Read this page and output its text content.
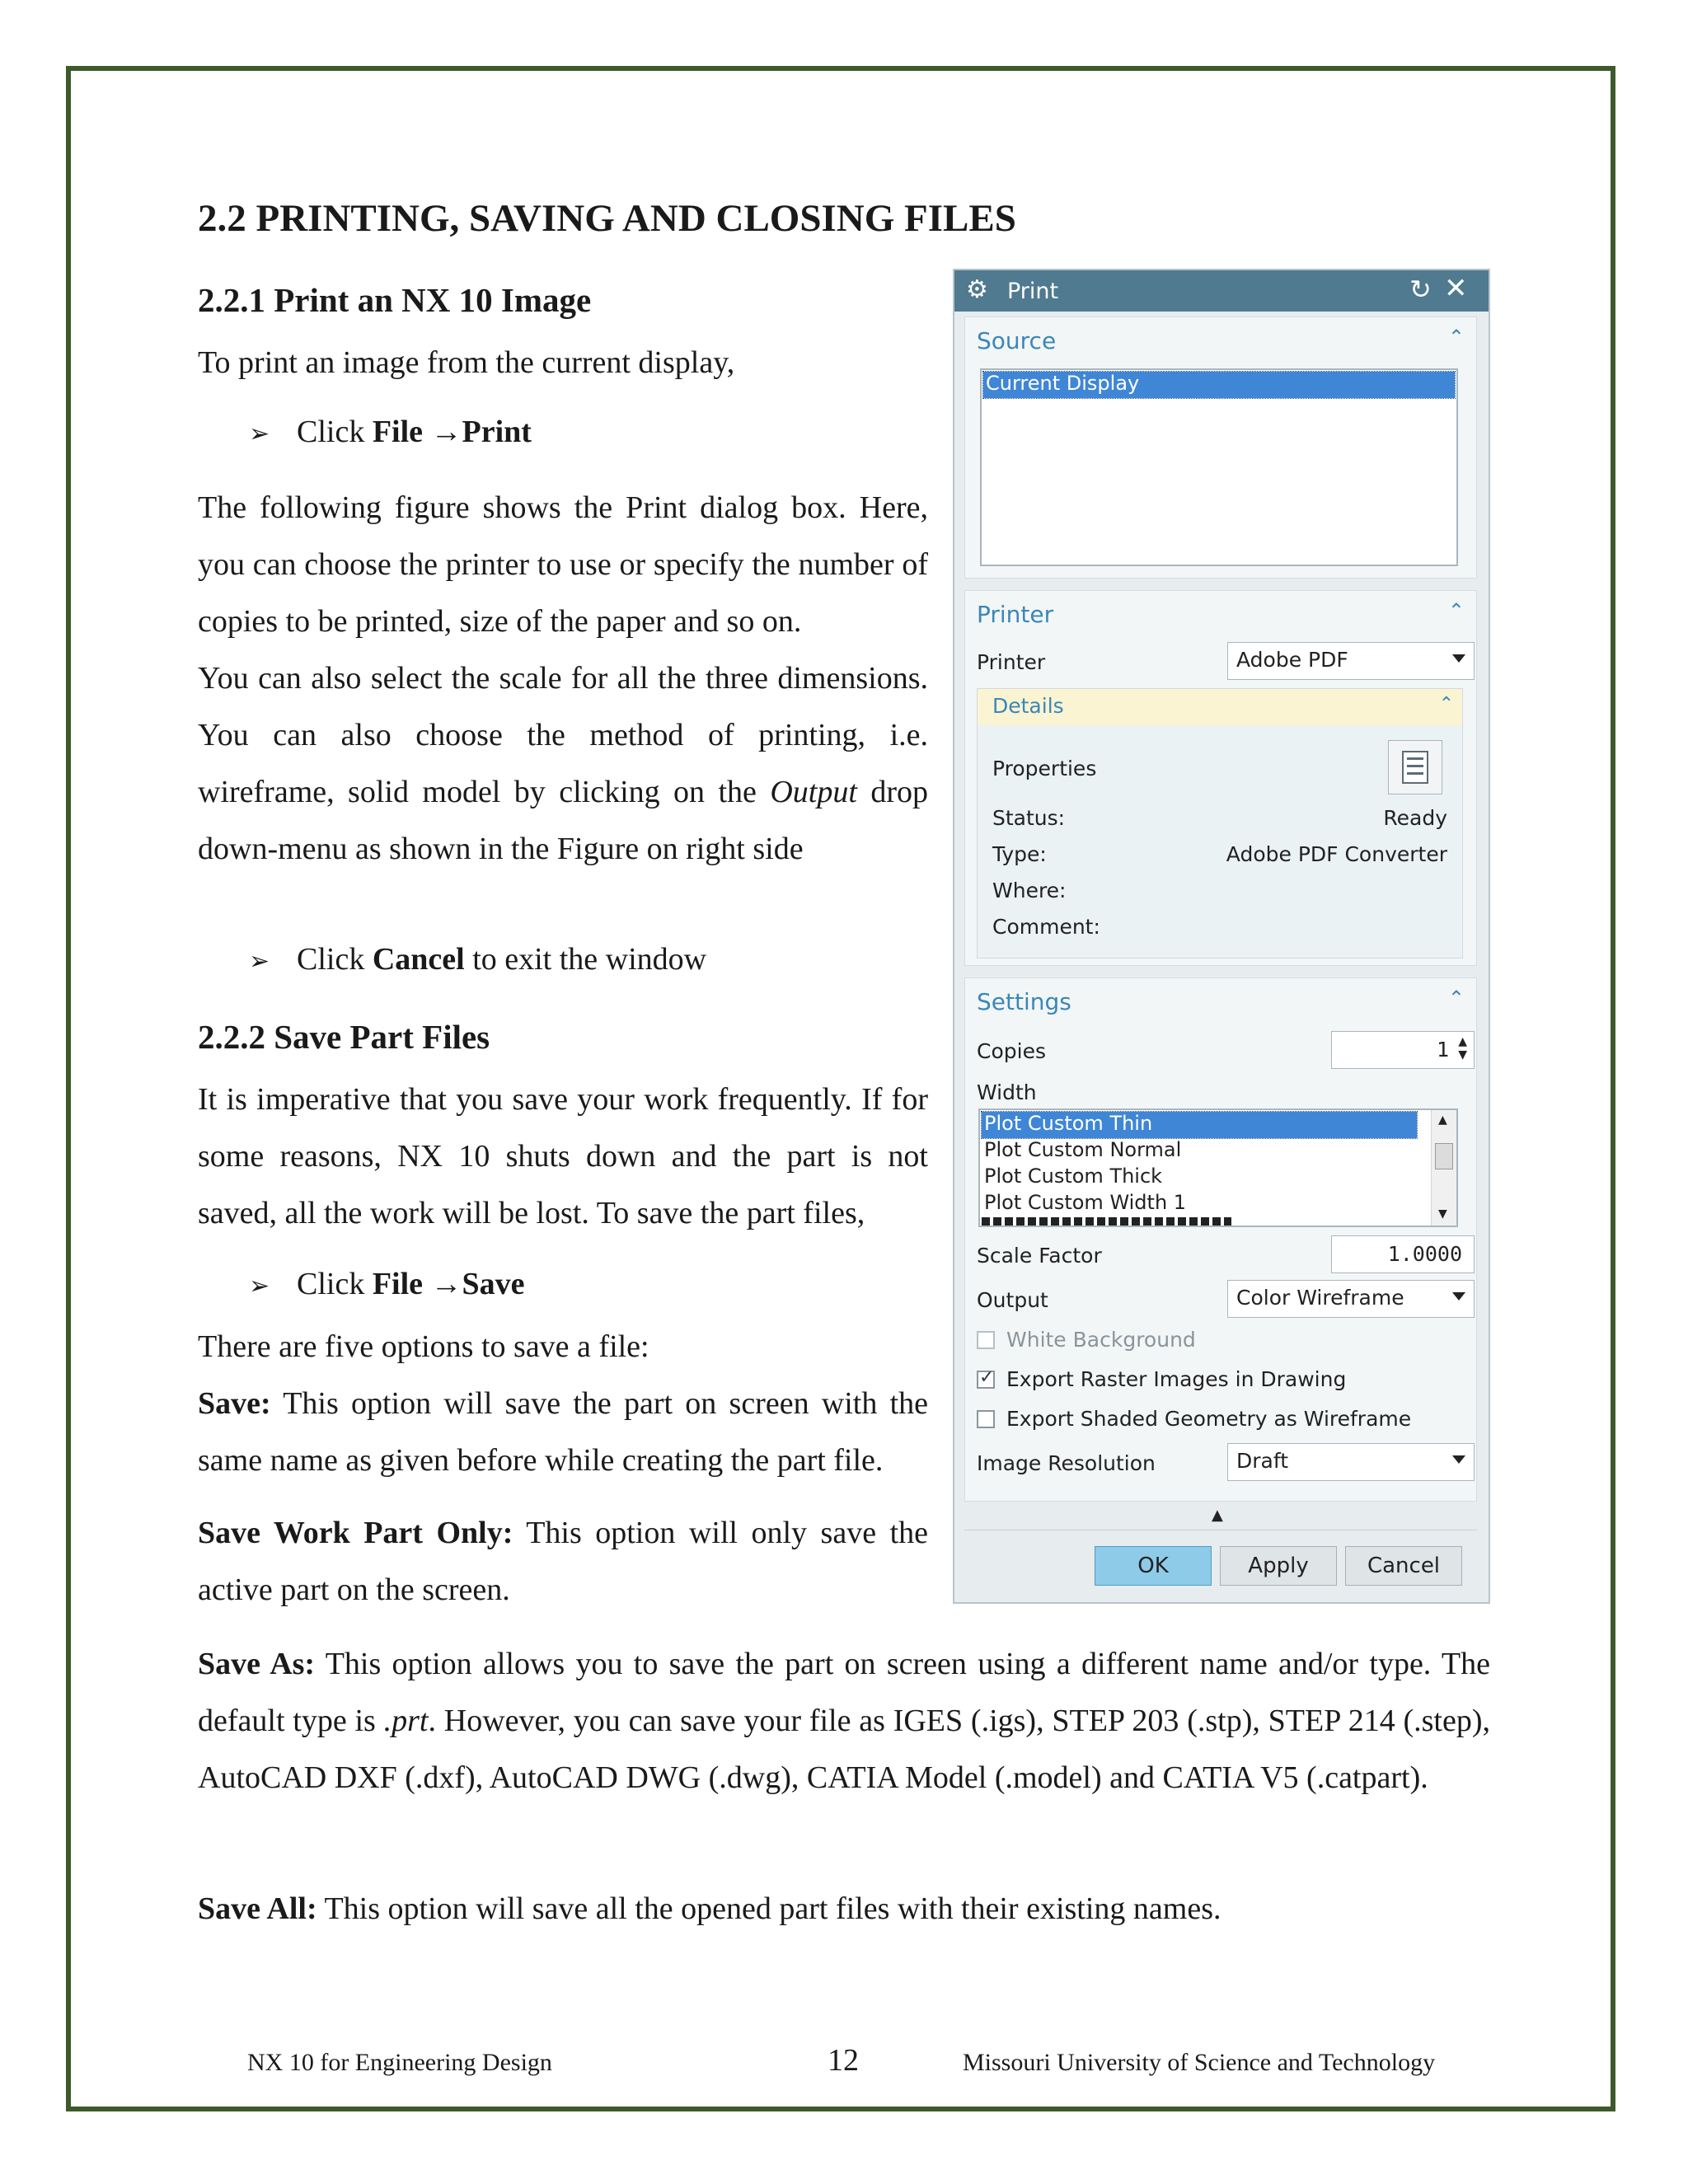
2.2 PRINTING, SAVING AND CLOSING FILES
2.2.1 Print an NX 10 Image

To print an image from the current display,

➢ Click File →Print

The following figure shows the Print dialog box. Here, you can choose the printer to use or specify the number of copies to be printed, size of the paper and so on.

You can also select the scale for all the three dimensions. You can also choose the method of printing, i.e. wireframe, solid model by clicking on the Output drop down-menu as shown in the Figure on right side

➢ Click Cancel to exit the window

2.2.2 Save Part Files

It is imperative that you save your work frequently. If for some reasons, NX 10 shuts down and the part is not saved, all the work will be lost. To save the part files,

➢ Click File →Save

There are five options to save a file:

Save: This option will save the part on screen with the same name as given before while creating the part file.

Save Work Part Only: This option will only save the active part on the screen.

Save As: This option allows you to save the part on screen using a different name and/or type. The default type is .prt. However, you can save your file as IGES (.igs), STEP 203 (.stp), STEP 214 (.step), AutoCAD DXF (.dxf), AutoCAD DWG (.dwg), CATIA Model (.model) and CATIA V5 (.catpart).

Save All: This option will save all the opened part files with their existing names.

⚙ Print	↻ ✕
Source	⌃
Current Display
Printer	⌃
Printer	Adobe PDF
Details	⌃
Properties
Status:	Ready
Type:	Adobe PDF Converter
Where:
Comment:
Settings	⌃
Copies	1 ▲
▼
Width
Plot Custom Thin
Plot Custom Normal
Plot Custom Thick
Plot Custom Width 1
▲
▼
Scale Factor	1.0000
Output	Color Wireframe
White Background
✓ Export Raster Images in Drawing
Export Shaded Geometry as Wireframe
Image Resolution	Draft
▲
OK	Apply	Cancel
NX 10 for Engineering Design	12	Missouri University of Science and Technology
